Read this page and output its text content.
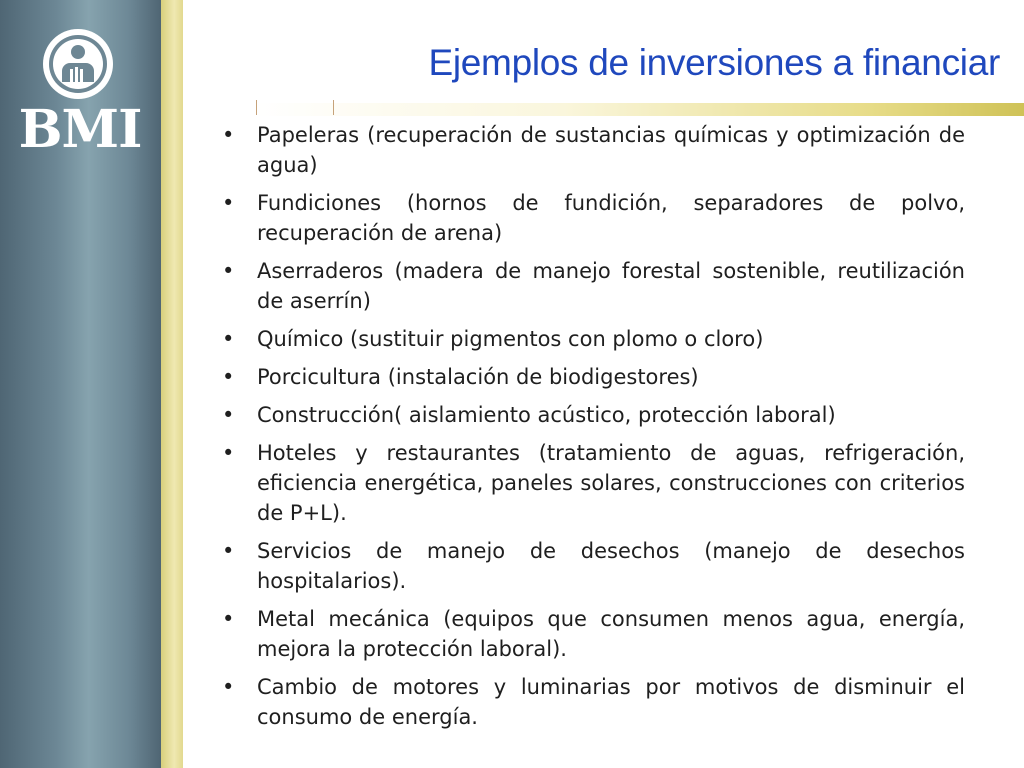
BMI
Ejemplos de inversiones a financiar
•	Papeleras (recuperación de sustancias químicas y optimización de agua)
•	Fundiciones (hornos de fundición, separadores de polvo, recuperación de arena)
•	Aserraderos (madera de manejo forestal sostenible, reutilización de aserrín)
•	Químico (sustituir pigmentos con plomo o cloro)
•	Porcicultura (instalación de biodigestores)
•	Construcción( aislamiento acústico, protección laboral)
•	Hoteles y restaurantes (tratamiento de aguas, refrigeración, eficiencia energética, paneles solares, construcciones con criterios de P+L).
•	Servicios de manejo de desechos (manejo de desechos hospitalarios).
•	Metal mecánica (equipos que consumen menos agua, energía, mejora la protección laboral).
•	Cambio de motores y luminarias por motivos de disminuir el consumo de energía.
